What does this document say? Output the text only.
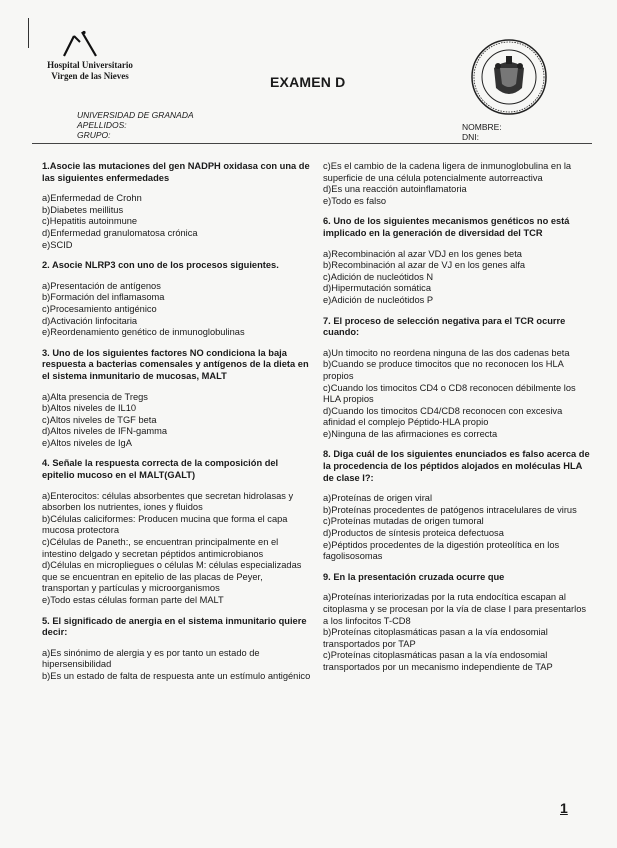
Hospital Universitario
Virgen de las Nieves	EXAMEN D
UNIVERSIDAD DE GRANADA
APELLIDOS:
GRUPO:
NOMBRE:
DNI:
1.Asocie las mutaciones del gen NADPH oxidasa con una de las siguientes enfermedades
a)Enfermedad de Crohn
b)Diabetes meillitus
c)Hepatitis autoinmune
d)Enfermedad granulomatosa crónica
e)SCID
2. Asocie NLRP3 con uno de los procesos siguientes.
a)Presentación de antígenos
b)Formación del inflamasoma
c)Procesamiento antigénico
d)Activación linfocitaria
e)Reordenamiento genético de inmunoglobulinas
3. Uno de los siguientes factores NO condiciona la baja respuesta a bacterias comensales y antígenos de la dieta en el sistema inmunitario de mucosas, MALT
a)Alta presencia de Tregs
b)Altos niveles de IL10
c)Altos niveles de TGF beta
d)Altos niveles de IFN-gamma
e)Altos niveles de IgA
4. Señale la respuesta correcta de la composición del epitelio mucoso en el MALT(GALT)
a)Enterocitos: células absorbentes que secretan hidrolasas y absorben los nutrientes, iones y fluidos
b)Células caliciformes: Producen mucina que forma el capa mucosa protectora
c)Células de Paneth:, se encuentran principalmente en el intestino delgado y secretan péptidos antimicrobianos
d)Células en micropliegues o células M: células especializadas que se encuentran en epitelio de las placas de Peyer, transportan y partículas y microorganismos
e)Todo estas células forman parte del MALT
5. El significado de anergia en el sistema inmunitario quiere decir:
a)Es sinónimo de alergia y es por tanto un estado de hipersensibilidad
b)Es un estado de falta de respuesta ante un estímulo antigénico
c)Es el cambio de la cadena ligera de inmunoglobulina en la superficie de una célula potencialmente autorreactiva
d)Es una reacción autoinflamatoria
e)Todo es falso
6. Uno de los siguientes mecanismos genéticos no está implicado en la generación de diversidad del TCR
a)Recombinación al azar VDJ en los genes beta
b)Recombinación al azar de VJ en los genes alfa
c)Adición de nucleótidos N
d)Hipermutación somática
e)Adición de nucleótidos P
7. El proceso de selección negativa para el TCR ocurre cuando:
a)Un timocito no reordena ninguna de las dos cadenas beta
b)Cuando se produce timocitos que no reconocen los HLA propios
c)Cuando los timocitos CD4 o CD8 reconocen débilmente los HLA propios
d)Cuando los timocitos CD4/CD8 reconocen con excesiva afinidad el complejo Péptido-HLA propio
e)Ninguna de las afirmaciones es correcta
8. Diga cuál de los siguientes enunciados es falso acerca de la procedencia de los péptidos alojados en moléculas HLA de clase I?:
a)Proteínas de origen viral
b)Proteínas procedentes de patógenos intracelulares de virus
c)Proteínas mutadas de origen tumoral
d)Productos de síntesis proteica defectuosa
e)Péptidos procedentes de la digestión proteolítica en los fagolisosomas
9. En la presentación cruzada ocurre que
a)Proteínas interiorizadas por la ruta endocítica escapan al citoplasma y se procesan por la vía de clase I para presentarlos a los linfocitos T-CD8
b)Proteínas citoplasmáticas pasan a la vía endosomial transportados por TAP
c)Proteínas citoplasmáticas pasan a la vía endosomial transportados por un mecanismo independiente de TAP
1
